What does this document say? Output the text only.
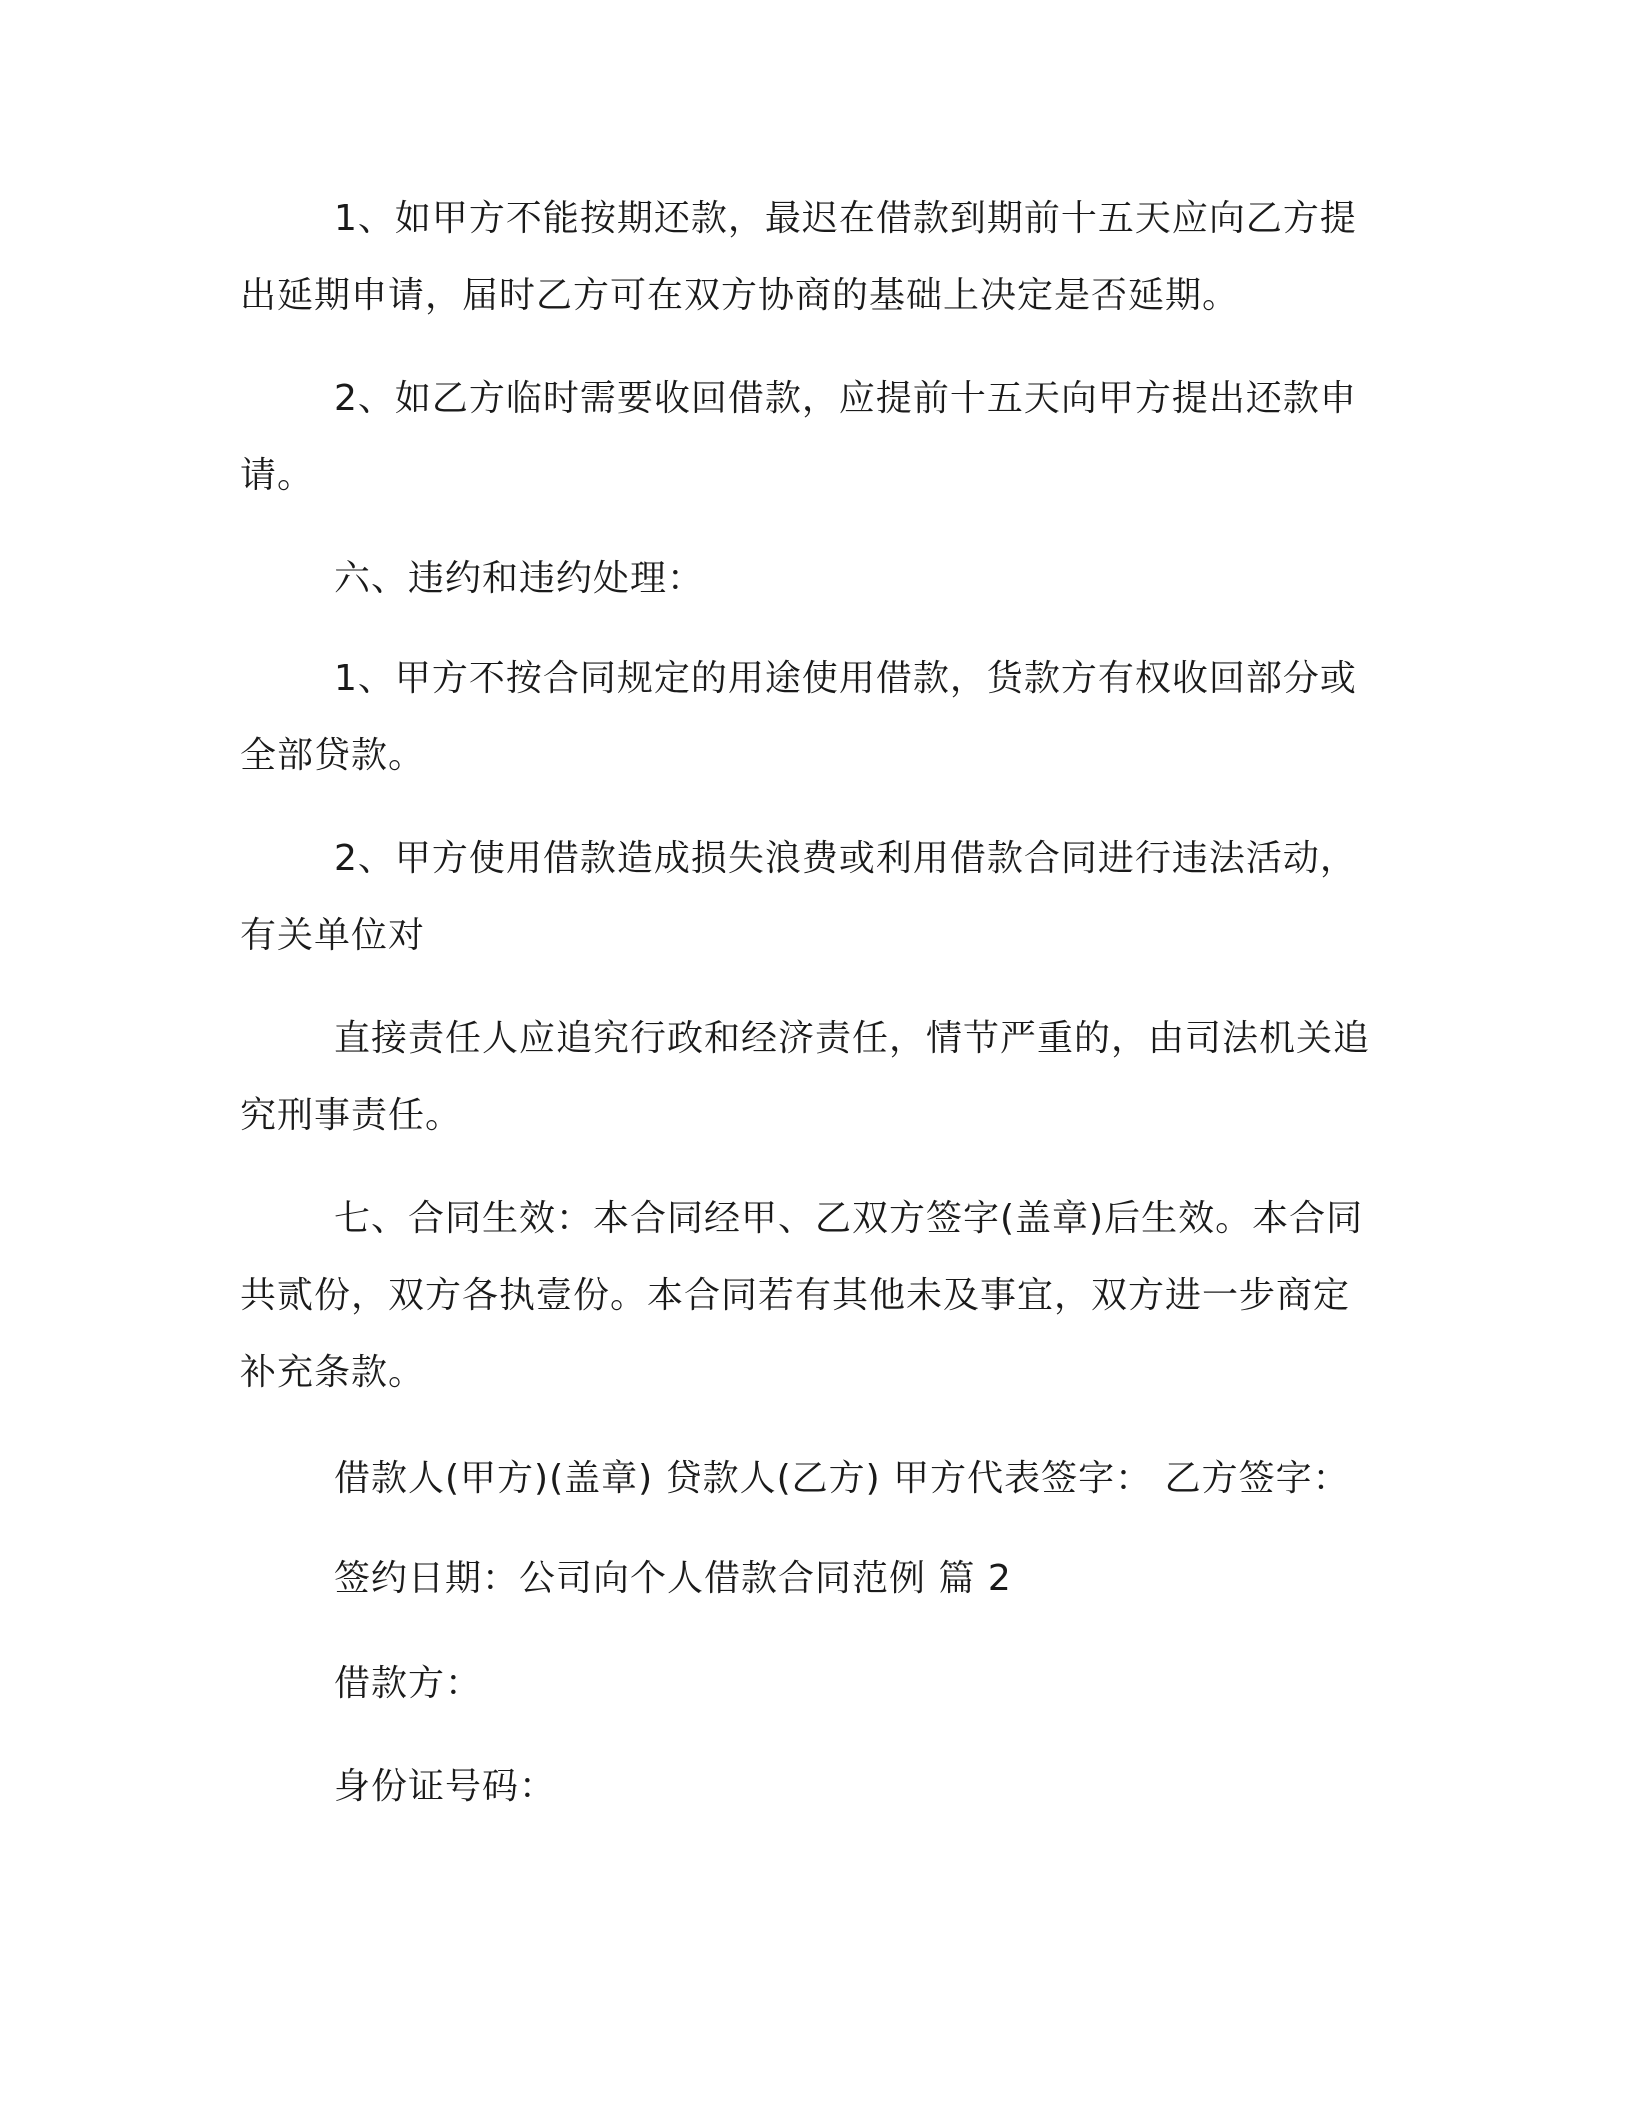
1、如甲方不能按期还款，最迟在借款到期前十五天应向乙方提出延期申请，届时乙方可在双方协商的基础上决定是否延期。

2、如乙方临时需要收回借款，应提前十五天向甲方提出还款申请。

六、违约和违约处理：

1、甲方不按合同规定的用途使用借款，货款方有权收回部分或全部贷款。

2、甲方使用借款造成损失浪费或利用借款合同进行违法活动，有关单位对

直接责任人应追究行政和经济责任，情节严重的，由司法机关追究刑事责任。

七、合同生效：本合同经甲、乙双方签字(盖章)后生效。本合同共贰份，双方各执壹份。本合同若有其他未及事宜，双方进一步商定补充条款。

借款人(甲方)(盖章) 贷款人(乙方) 甲方代表签字： 乙方签字：

签约日期：公司向个人借款合同范例 篇 2

借款方：

身份证号码：
